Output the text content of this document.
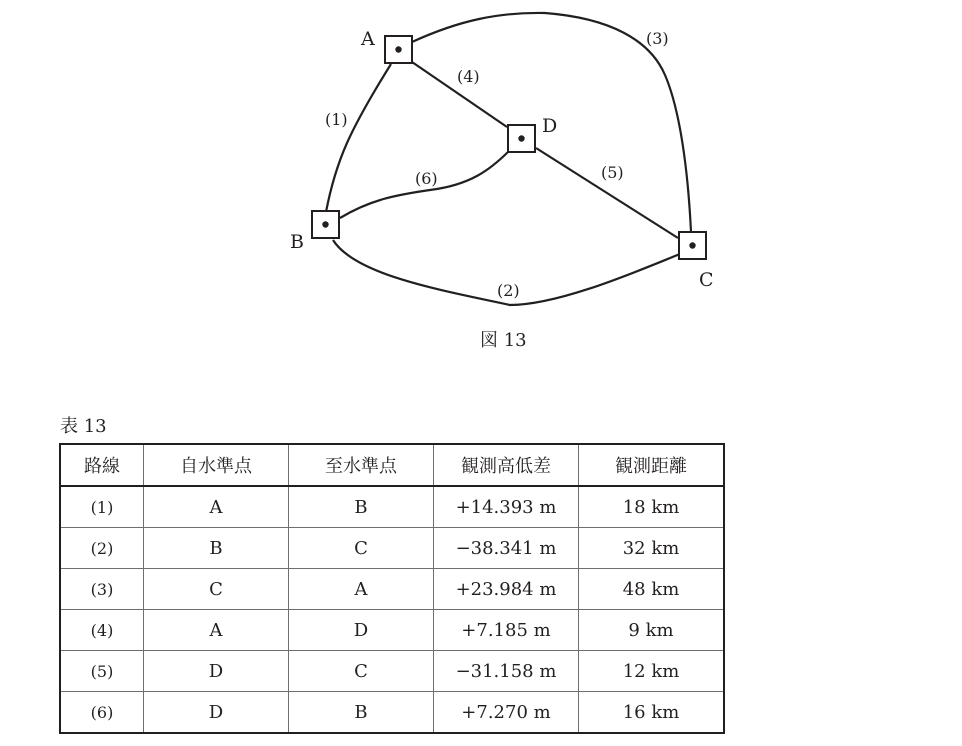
A
B
C
D
(1)
(2)
(3)
(4)
(5)
(6)
図 13
表 13
路線	自水準点	至水準点	観測高低差	観測距離
(1)	A	B	+14.393 m	18 km
(2)	B	C	−38.341 m	32 km
(3)	C	A	+23.984 m	48 km
(4)	A	D	+7.185 m	9 km
(5)	D	C	−31.158 m	12 km
(6)	D	B	+7.270 m	16 km
